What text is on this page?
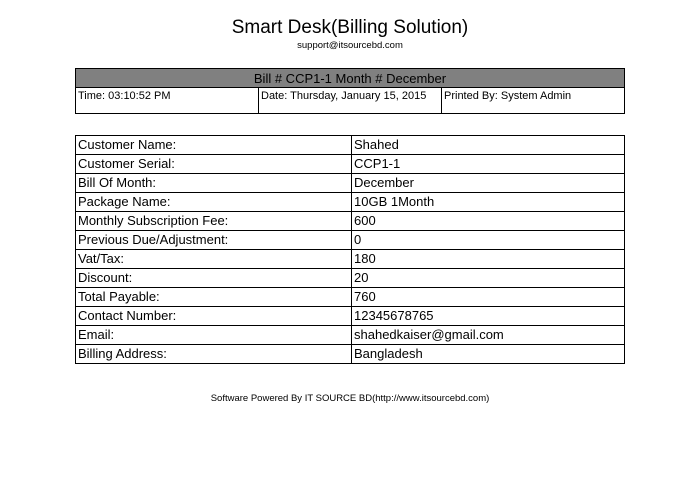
Smart Desk(Billing Solution)
support@itsourcebd.com
Bill # CCP1-1 Month # December
Time: 03:10:52 PM	Date: Thursday, January 15, 2015	Printed By: System Admin
Customer Name:	Shahed
Customer Serial:	CCP1-1
Bill Of Month:	December
Package Name:	10GB 1Month
Monthly Subscription Fee:	600
Previous Due/Adjustment:	0
Vat/Tax:	180
Discount:	20
Total Payable:	760
Contact Number:	12345678765
Email:	shahedkaiser@gmail.com
Billing Address:	Bangladesh
Software Powered By IT SOURCE BD(http://www.itsourcebd.com)
